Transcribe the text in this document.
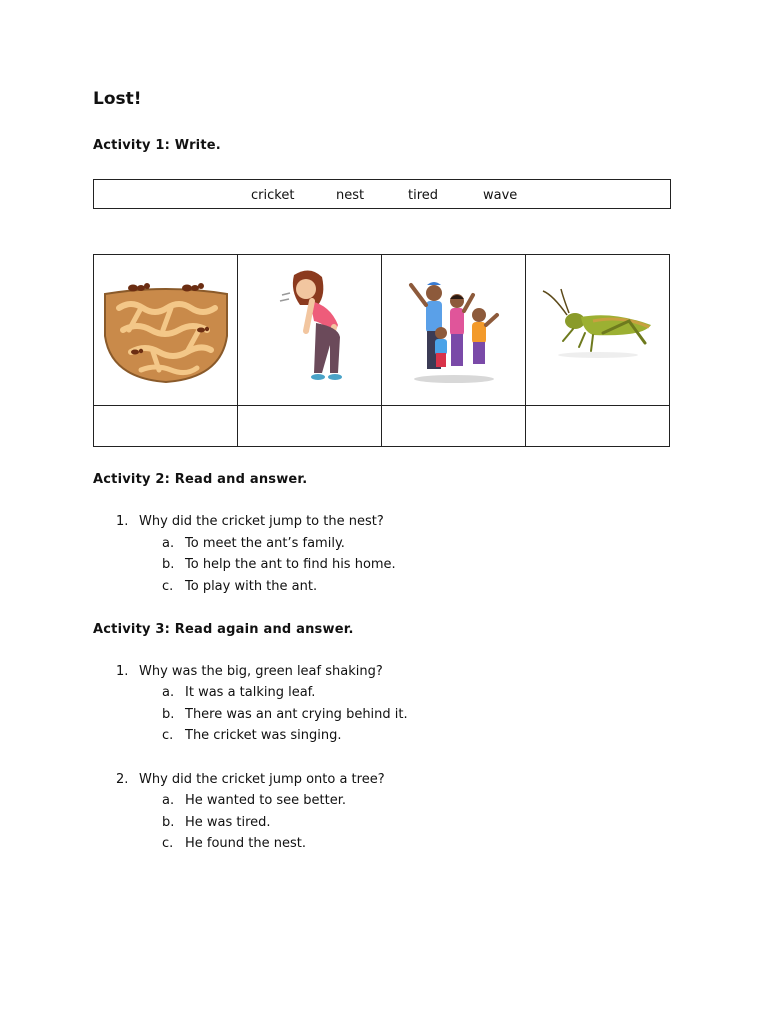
Lost!
Activity 1: Write.
cricket	nest	tired	wave

Activity 2: Read and answer.
1. Why did the cricket jump to the nest?
a. To meet the ant’s family.
b. To help the ant to find his home.
c. To play with the ant.
Activity 3: Read again and answer.
1. Why was the big, green leaf shaking?
a. It was a talking leaf.
b. There was an ant crying behind it.
c. The cricket was singing.
2. Why did the cricket jump onto a tree?
a. He wanted to see better.
b. He was tired.
c. He found the nest.
